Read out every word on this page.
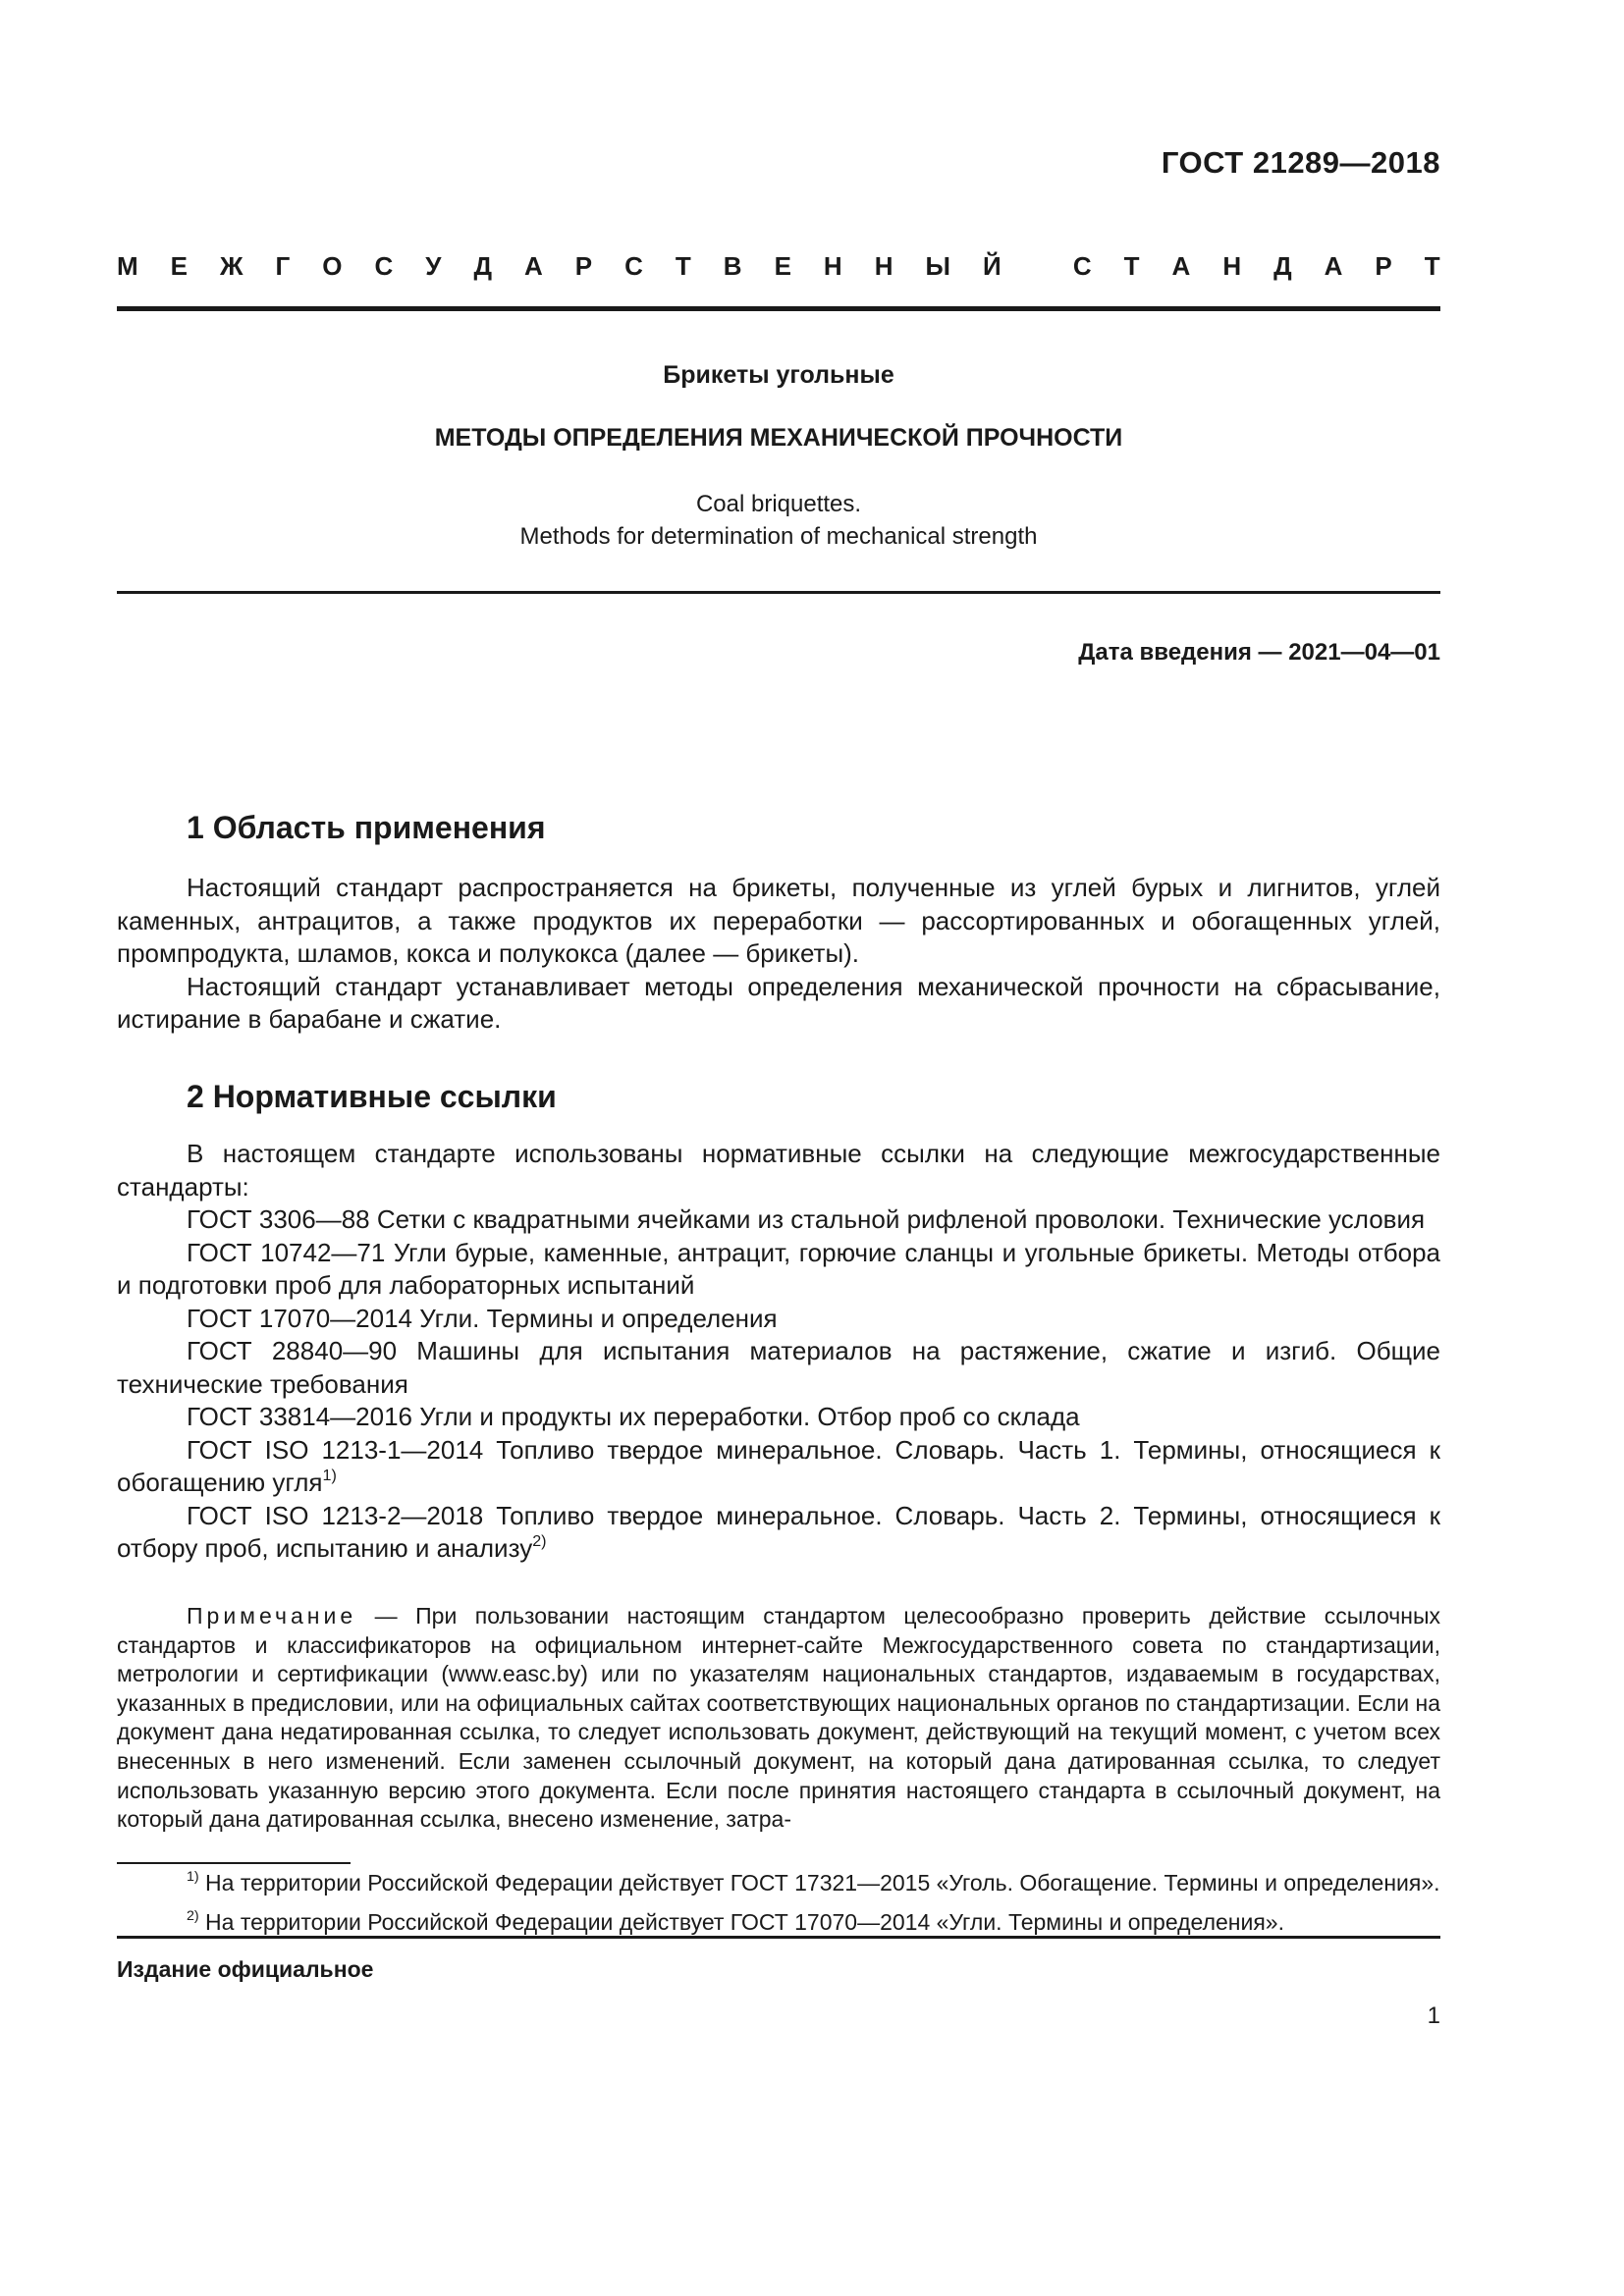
ГОСТ 21289—2018
М Е Ж Г О С У Д А Р С Т В Е Н Н Ы Й
	С Т А Н Д А Р Т
Брикеты угольные
МЕТОДЫ ОПРЕДЕЛЕНИЯ МЕХАНИЧЕСКОЙ ПРОЧНОСТИ
Coal briquettes.
Methods for determination of mechanical strength
Дата введения — 2021—04—01
1 Область применения

Настоящий стандарт распространяется на брикеты, полученные из углей бурых и лигнитов, углей каменных, антрацитов, а также продуктов их переработки — рассортированных и обогащенных углей, промпродукта, шламов, кокса и полукокса (далее — брикеты).

Настоящий стандарт устанавливает методы определения механической прочности на сбрасывание, истирание в барабане и сжатие.

2 Нормативные ссылки

В настоящем стандарте использованы нормативные ссылки на следующие межгосударственные стандарты:

ГОСТ 3306—88 Сетки с квадратными ячейками из стальной рифленой проволоки. Технические условия

ГОСТ 10742—71 Угли бурые, каменные, антрацит, горючие сланцы и угольные брикеты. Методы отбора и подготовки проб для лабораторных испытаний

ГОСТ 17070—2014 Угли. Термины и определения

ГОСТ 28840—90 Машины для испытания материалов на растяжение, сжатие и изгиб. Общие технические требования

ГОСТ 33814—2016 Угли и продукты их переработки. Отбор проб со склада

ГОСТ ISO 1213-1—2014 Топливо твердое минеральное. Словарь. Часть 1. Термины, относящиеся к обогащению угля$^{1)}$

ГОСТ ISO 1213-2—2018 Топливо твердое минеральное. Словарь. Часть 2. Термины, относящиеся к отбору проб, испытанию и анализу$^{2)}$

Примечание — При пользовании настоящим стандартом целесообразно проверить действие ссылочных стандартов и классификаторов на официальном интернет-сайте Межгосударственного совета по стандартизации, метрологии и сертификации (www.easc.by) или по указателям национальных стандартов, издаваемым в государствах, указанных в предисловии, или на официальных сайтах соответствующих национальных органов по стандартизации. Если на документ дана недатированная ссылка, то следует использовать документ, действующий на текущий момент, с учетом всех внесенных в него изменений. Если заменен ссылочный документ, на который дана датированная ссылка, то следует использовать указанную версию этого документа. Если после принятия настоящего стандарта в ссылочный документ, на который дана датированная ссылка, внесено изменение, затра-

$^{1)}$ На территории Российской Федерации действует ГОСТ 17321—2015 «Уголь. Обогащение. Термины и определения».

$^{2)}$ На территории Российской Федерации действует ГОСТ 17070—2014 «Угли. Термины и определения».

Издание официальное
1
